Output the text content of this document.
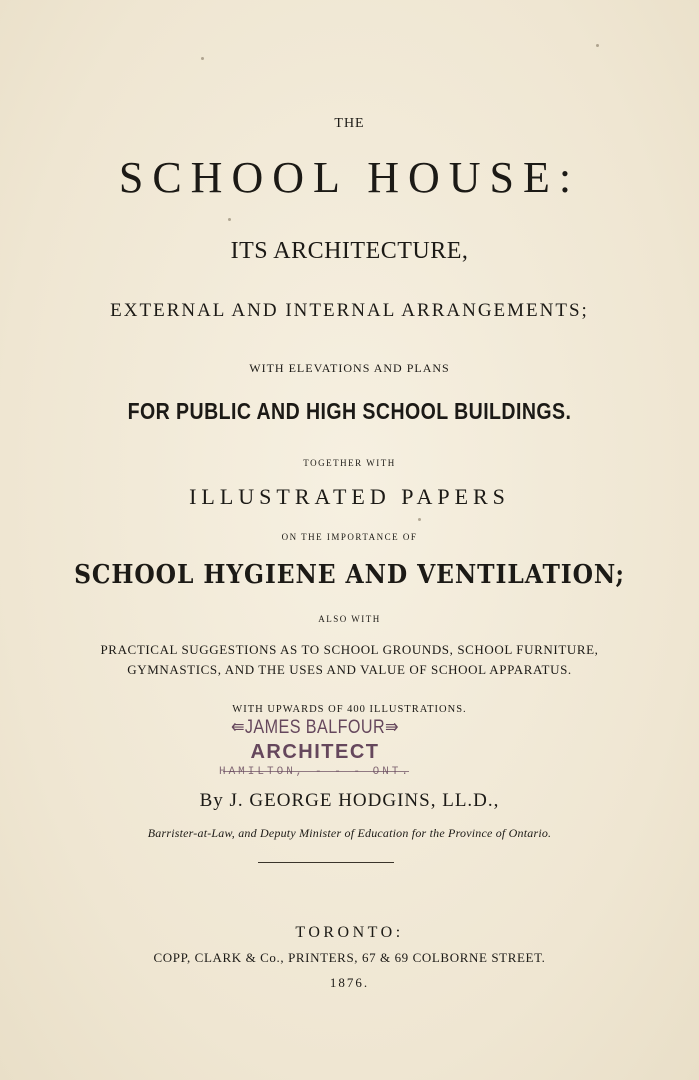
THE
SCHOOL HOUSE:
ITS ARCHITECTURE,
EXTERNAL AND INTERNAL ARRANGEMENTS;
WITH ELEVATIONS AND PLANS
FOR PUBLIC AND HIGH SCHOOL BUILDINGS.
TOGETHER WITH
ILLUSTRATED PAPERS
ON THE IMPORTANCE OF
SCHOOL HYGIENE AND VENTILATION;
ALSO WITH
PRACTICAL SUGGESTIONS AS TO SCHOOL GROUNDS, SCHOOL FURNITURE,
GYMNASTICS, AND THE USES AND VALUE OF SCHOOL APPARATUS.
WITH UPWARDS OF 400 ILLUSTRATIONS.
⇚JAMES BALFOUR⇛
ARCHITECT
HAMILTON, - - - ONT.
By J. GEORGE HODGINS, LL.D.,
Barrister-at-Law, and Deputy Minister of Education for the Province of Ontario.
TORONTO:
COPP, CLARK & Co., PRINTERS, 67 & 69 COLBORNE STREET.
1876.
